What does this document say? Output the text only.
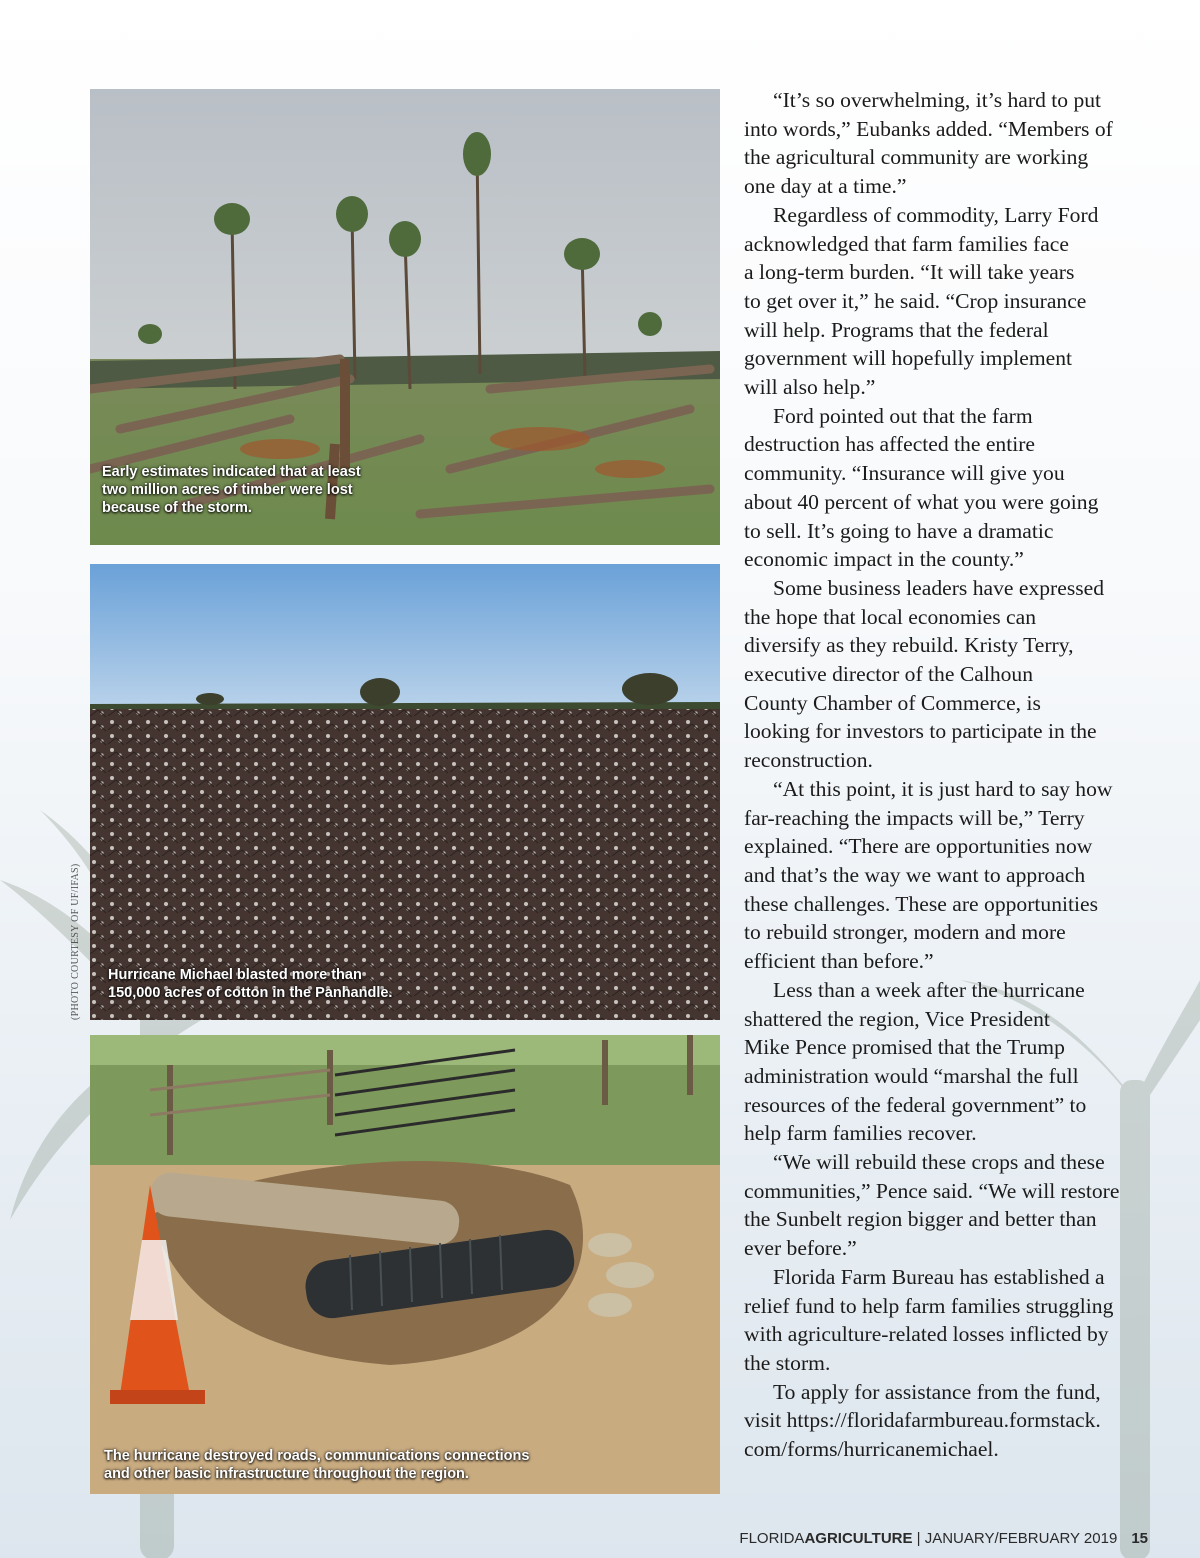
Early estimates indicated that at least
two million acres of timber were lost
because of the storm.
Hurricane Michael blasted more than
150,000 acres of cotton in the Panhandle.
The hurricane destroyed roads, communications connections
and other basic infrastructure throughout the region.
(PHOTO COURTESY OF UF/IFAS)

“It’s so overwhelming, it’s hard to put
into words,” Eubanks added. “Members of
the agricultural community are working
one day at a time.”

Regardless of commodity, Larry Ford
acknowledged that farm families face
a long-term burden. “It will take years
to get over it,” he said. “Crop insurance
will help. Programs that the federal
government will hopefully implement
will also help.”

Ford pointed out that the farm
destruction has affected the entire
community. “Insurance will give you
about 40 percent of what you were going
to sell. It’s going to have a dramatic
economic impact in the county.”

Some business leaders have expressed
the hope that local economies can
diversify as they rebuild. Kristy Terry,
executive director of the Calhoun
County Chamber of Commerce, is
looking for investors to participate in the
reconstruction.

“At this point, it is just hard to say how
far-reaching the impacts will be,” Terry
explained. “There are opportunities now
and that’s the way we want to approach
these challenges. These are opportunities
to rebuild stronger, modern and more
efficient than before.”

Less than a week after the hurricane
shattered the region, Vice President
Mike Pence promised that the Trump
administration would “marshal the full
resources of the federal government” to
help farm families recover.

“We will rebuild these crops and these
communities,” Pence said. “We will restore
the Sunbelt region bigger and better than
ever before.”

Florida Farm Bureau has established a
relief fund to help farm families struggling
with agriculture-related losses inflicted by
the storm.

To apply for assistance from the fund,
visit https://floridafarmbureau.formstack.
com/forms/hurricanemichael.

FLORIDAAGRICULTURE | JANUARY/FEBRUARY 2019 15
